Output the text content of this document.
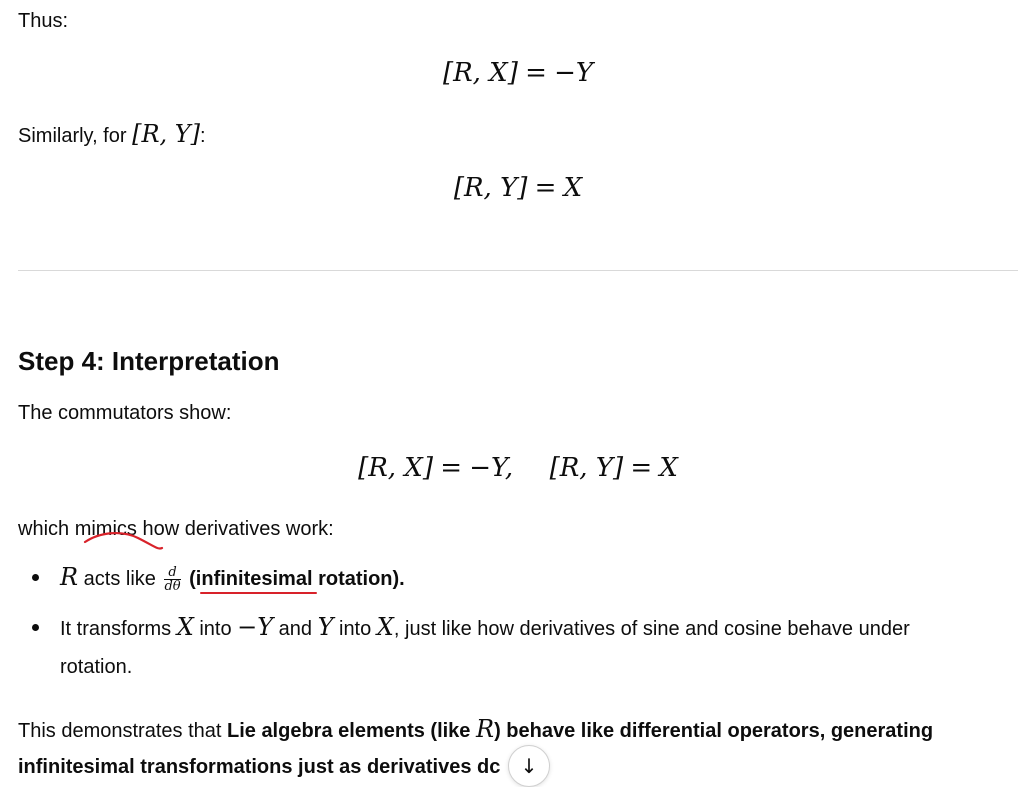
Thus:

[R, X] = −Y

Similarly, for [R, Y]:

[R, Y] = X
Step 4: Interpretation

The commutators show:

[R, X] = −Y, [R, Y] = X

which mimics how derivatives work:

R acts like $\frac{d}{d\theta}$ (infinitesimal
rotation).
It transforms X into −Y and Y into X, just like how derivatives of sine and cosine behave under
rotation.

This demonstrates that Lie algebra elements (like R) behave like differential operators, generating

infinitesimal transformations just as derivatives dc ↓
